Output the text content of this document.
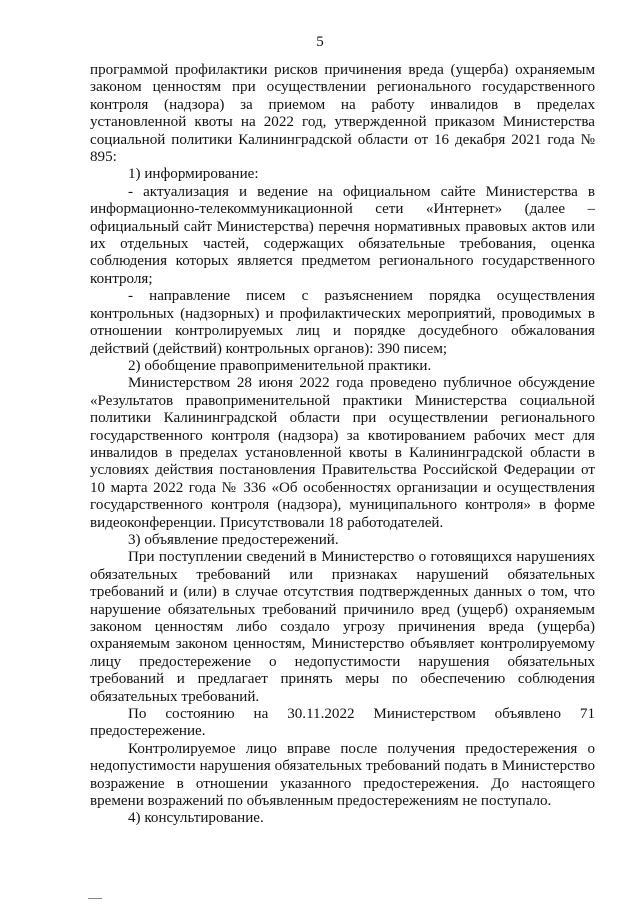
5

программой профилактики рисков причинения вреда (ущерба) охраняемым законом ценностям при осуществлении регионального государственного контроля (надзора) за приемом на работу инвалидов в пределах установленной квоты на 2022 год, утвержденной приказом Министерства социальной политики Калининградской области от 16 декабря 2021 года № 895:

1) информирование:

- актуализация и ведение на официальном сайте Министерства в информационно-телекоммуникационной сети «Интернет» (далее – официальный сайт Министерства) перечня нормативных правовых актов или их отдельных частей, содержащих обязательные требования, оценка соблюдения которых является предметом регионального государственного контроля;

- направление писем с разъяснением порядка осуществления контрольных (надзорных) и профилактических мероприятий, проводимых в отношении контролируемых лиц и порядке досудебного обжалования действий (действий) контрольных органов): 390 писем;

2) обобщение правоприменительной практики.

Министерством 28 июня 2022 года проведено публичное обсуждение «Результатов правоприменительной практики Министерства социальной политики Калининградской области при осуществлении регионального государственного контроля (надзора) за квотированием рабочих мест для инвалидов в пределах установленной квоты в Калининградской области в условиях действия постановления Правительства Российской Федерации от 10 марта 2022 года № 336 «Об особенностях организации и осуществления государственного контроля (надзора), муниципального контроля» в форме видеоконференции. Присутствовали 18 работодателей.

3) объявление предостережений.

При поступлении сведений в Министерство о готовящихся нарушениях обязательных требований или признаках нарушений обязательных требований и (или) в случае отсутствия подтвержденных данных о том, что нарушение обязательных требований причинило вред (ущерб) охраняемым законом ценностям либо создало угрозу причинения вреда (ущерба) охраняемым законом ценностям, Министерство объявляет контролируемому лицу предостережение о недопустимости нарушения обязательных требований и предлагает принять меры по обеспечению соблюдения обязательных требований.

По состоянию на 30.11.2022 Министерством объявлено 71 предостережение.

Контролируемое лицо вправе после получения предостережения о недопустимости нарушения обязательных требований подать в Министерство возражение в отношении указанного предостережения. До настоящего времени возражений по объявленным предостережениям не поступало.

4) консультирование.
